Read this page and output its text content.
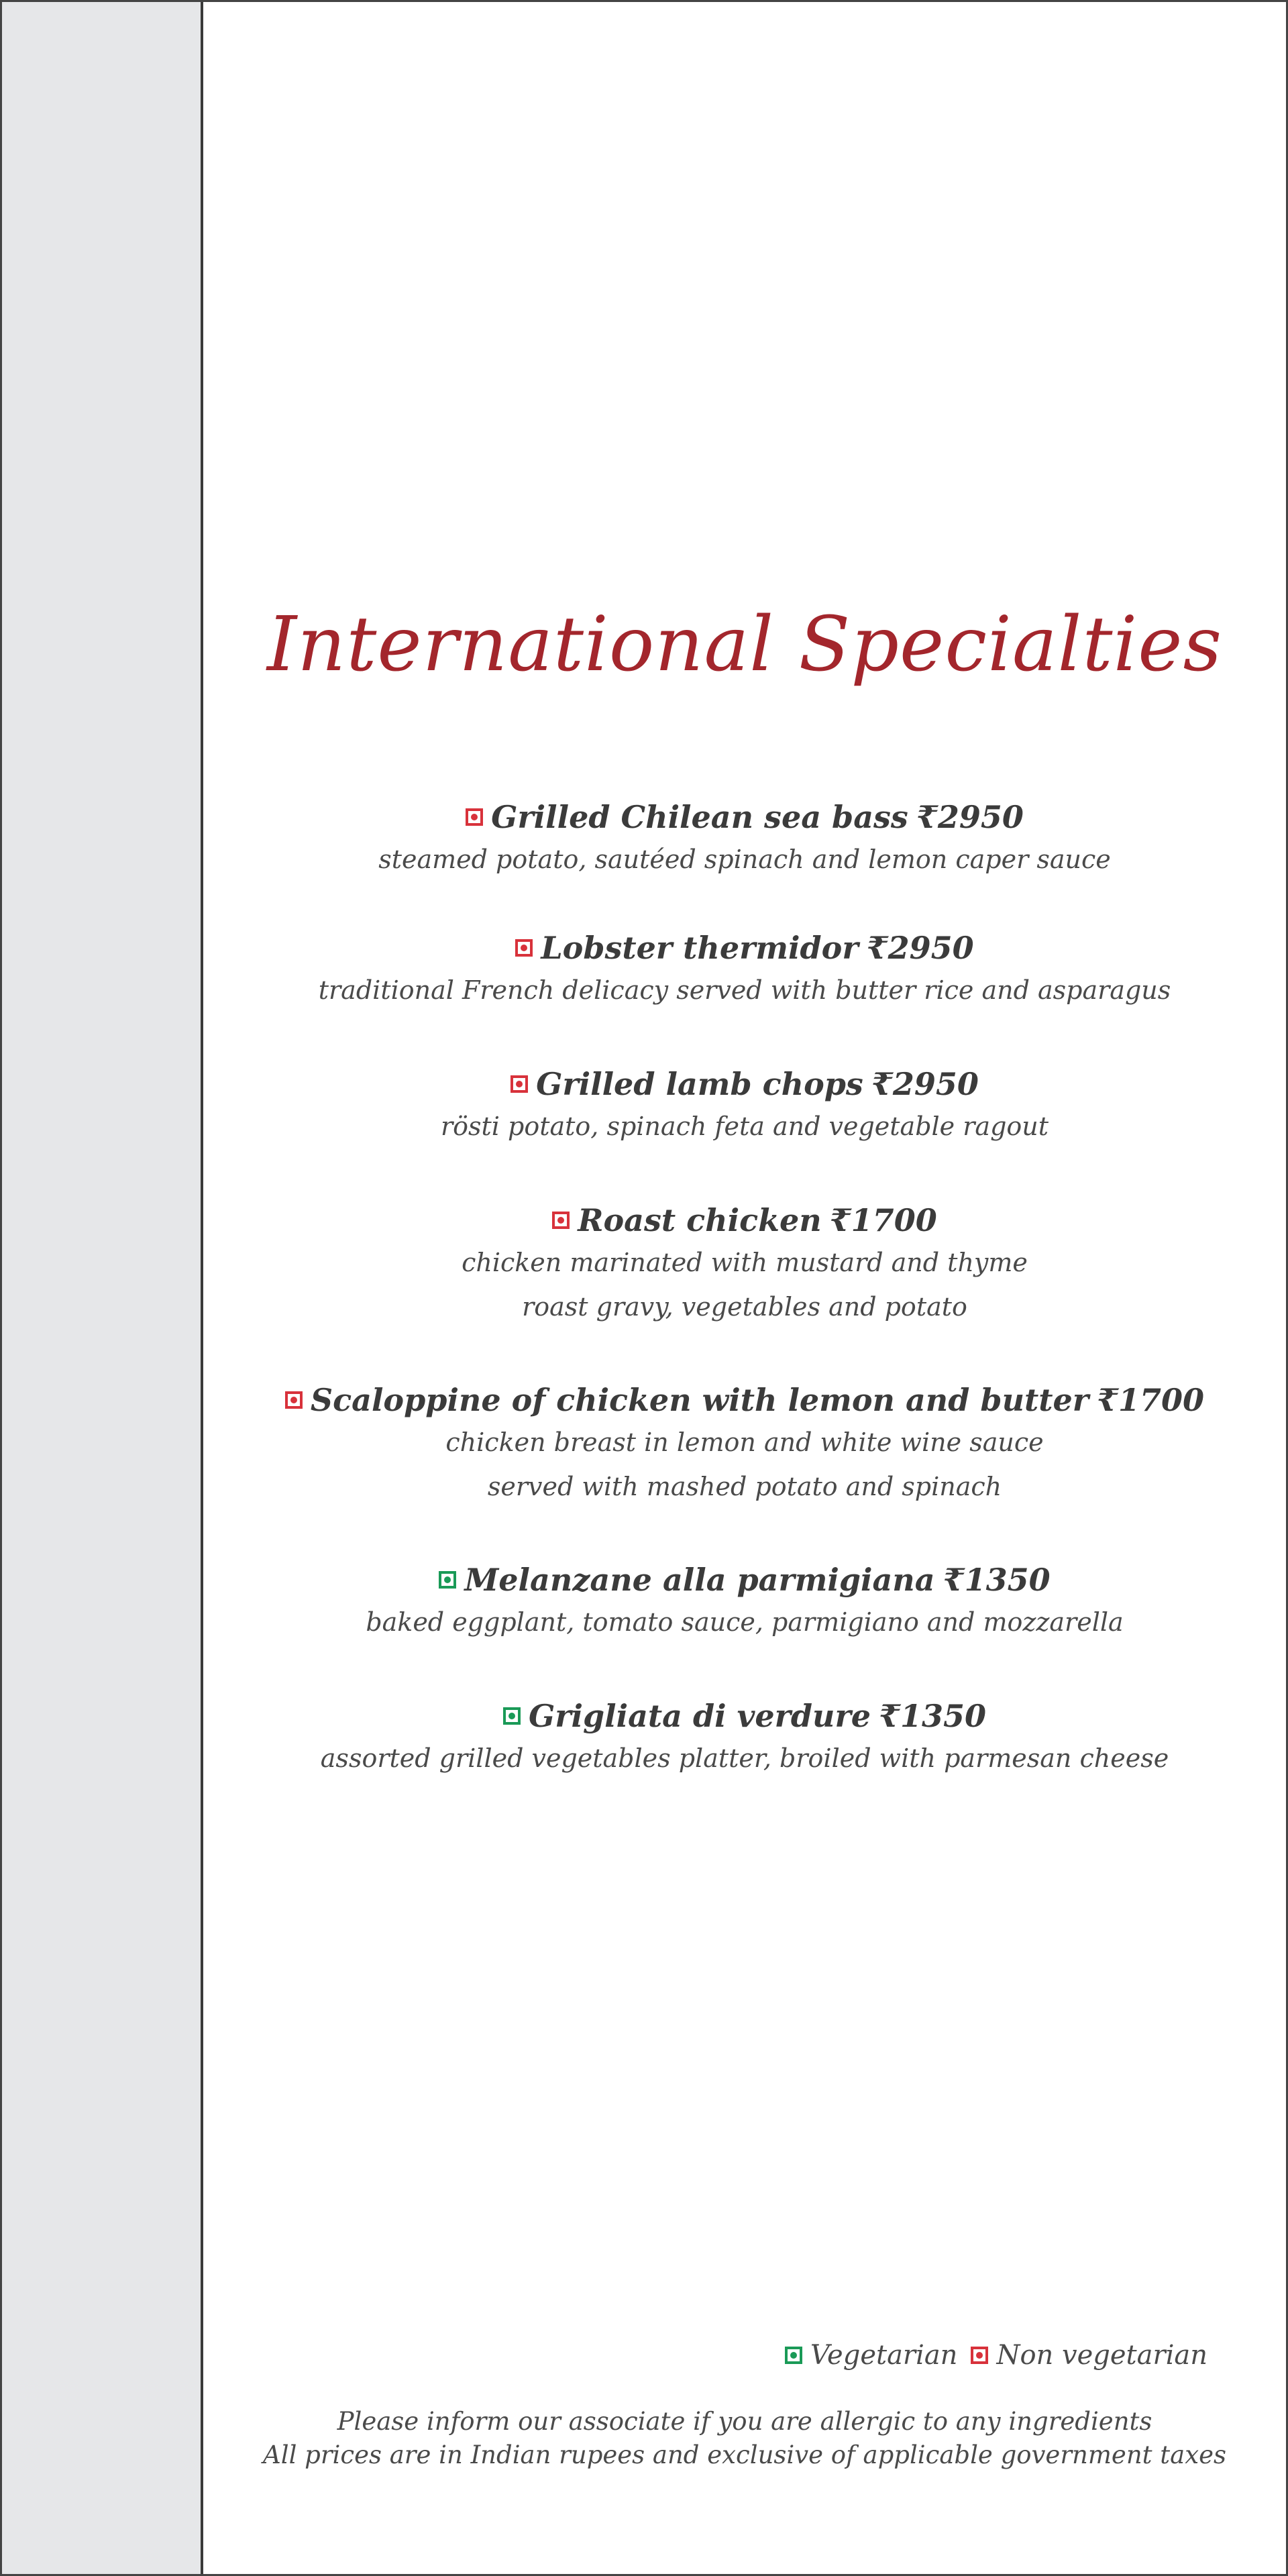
International Specialties
Grilled Chilean sea bass ₹2950
steamed potato, sautéed spinach and lemon caper sauce
Lobster thermidor ₹2950
traditional French delicacy served with butter rice and asparagus
Grilled lamb chops ₹2950
rösti potato, spinach feta and vegetable ragout
Roast chicken ₹1700
chicken marinated with mustard and thyme
roast gravy, vegetables and potato
Scaloppine of chicken with lemon and butter ₹1700
chicken breast in lemon and white wine sauce
served with mashed potato and spinach
Melanzane alla parmigiana ₹1350
baked eggplant, tomato sauce, parmigiano and mozzarella
Grigliata di verdure ₹1350
assorted grilled vegetables platter, broiled with parmesan cheese
Vegetarian Non vegetarian
Please inform our associate if you are allergic to any ingredients
All prices are in Indian rupees and exclusive of applicable government taxes
